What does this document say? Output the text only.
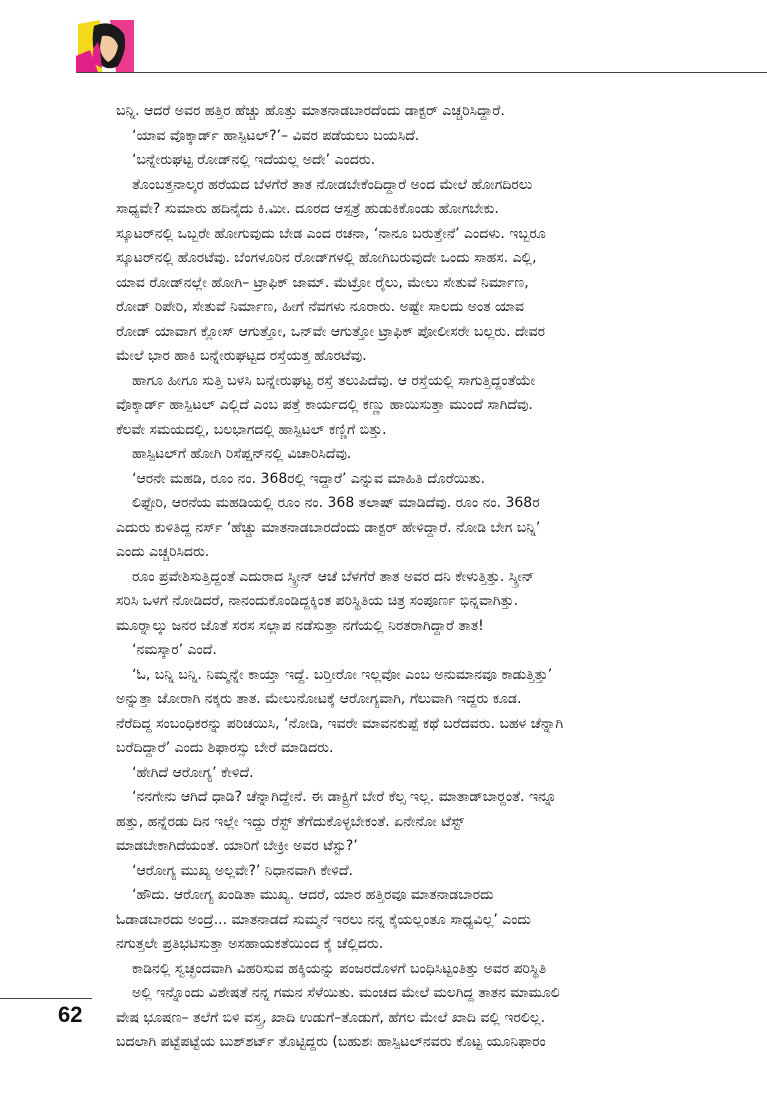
ಬನ್ನಿ. ಆದರೆ ಅವರ ಹತ್ತಿರ ಹೆಚ್ಚು ಹೊತ್ತು ಮಾತನಾಡಬಾರದೆಂದು ಡಾಕ್ಟರ್ ಎಚ್ಚರಿಸಿದ್ದಾರೆ.
‘ಯಾವ ವೊಕ್ಕಾರ್ಡ್ ಹಾಸ್ಪಿಟಲ್?’– ವಿವರ ಪಡೆಯಲು ಬಯಸಿದೆ.
‘ಬನ್ನೇರುಘಟ್ಟ ರೋಡ್‌ನಲ್ಲಿ ಇದೆಯಲ್ಲ ಅದೇ’ ಎಂದರು.
ತೊಂಬತ್ತನಾಲ್ಕರ ಹರೆಯದ ಬೆಳಗೆರೆ ತಾತ ನೋಡಬೇಕೆಂದಿದ್ದಾರೆ ಅಂದ ಮೇಲೆ ಹೋಗದಿರಲು
ಸಾಧ್ಯವೇ? ಸುಮಾರು ಹದಿನೈದು ಕಿ.ಮೀ. ದೂರದ ಆಸ್ಪತ್ರೆ ಹುಡುಕಿಕೊಂಡು ಹೋಗಬೇಕು.
ಸ್ಕೂಟರ್‌ನಲ್ಲಿ ಒಬ್ಬರೇ ಹೋಗುವುದು ಬೇಡ ಎಂದ ರಚನಾ, ‘ನಾನೂ ಬರುತ್ತೇನೆ’ ಎಂದಳು. ಇಬ್ಬರೂ
ಸ್ಕೂಟರ್‌ನಲ್ಲಿ ಹೊರಟೆವು. ಬೆಂಗಳೂರಿನ ರೋಡ್‌ಗಳಲ್ಲಿ ಹೋಗಿಬರುವುದೇ ಒಂದು ಸಾಹಸ. ಎಲ್ಲಿ,
ಯಾವ ರೋಡ್‌ನಲ್ಲೇ ಹೋಗಿ– ಟ್ರಾಫಿಕ್ ಜಾಮ್. ಮೆಟ್ರೋ ರೈಲು, ಮೇಲು ಸೇತುವೆ ನಿರ್ಮಾಣ,
ರೋಡ್ ರಿಪೇರಿ, ಸೇತುವೆ ನಿರ್ಮಾಣ, ಹೀಗೆ ನೆವಗಳು ನೂರಾರು. ಅಷ್ಟೇ ಸಾಲದು ಅಂತ ಯಾವ
ರೋಡ್ ಯಾವಾಗ ಕ್ಲೋಸ್ ಆಗುತ್ತೋ, ಒನ್‌ವೇ ಆಗುತ್ತೋ ಟ್ರಾಫಿಕ್ ಪೋಲೀಸರೇ ಬಲ್ಲರು. ದೇವರ
ಮೇಲೆ ಭಾರ ಹಾಕಿ ಬನ್ನೇರುಘಟ್ಟದ ರಸ್ತೆಯತ್ತ ಹೊರಟೆವು.
ಹಾಗೂ ಹೀಗೂ ಸುತ್ತಿ ಬಳಸಿ ಬನ್ನೇರುಘಟ್ಟ ರಸ್ತೆ ತಲುಪಿದೆವು. ಆ ರಸ್ತೆಯಲ್ಲಿ ಸಾಗುತ್ತಿದ್ದಂತೆಯೇ
ವೊಕ್ಕಾರ್ಡ್ ಹಾಸ್ಪಿಟಲ್ ಎಲ್ಲಿದೆ ಎಂಬ ಪತ್ತೆ ಕಾರ್ಯದಲ್ಲಿ ಕಣ್ಣು ಹಾಯಿಸುತ್ತಾ ಮುಂದೆ ಸಾಗಿದೆವು.
ಕೆಲವೇ ಸಮಯದಲ್ಲಿ, ಬಲಭಾಗದಲ್ಲಿ ಹಾಸ್ಪಿಟಲ್ ಕಣ್ಣಿಗೆ ಬಿತ್ತು.
ಹಾಸ್ಪಿಟಲ್‌ಗೆ ಹೋಗಿ ರಿಸೆಪ್ಷನ್‌ನಲ್ಲಿ ವಿಚಾರಿಸಿದೆವು.
‘ಆರನೇ ಮಹಡಿ, ರೂಂ ನಂ. 368ರಲ್ಲಿ ಇದ್ದಾರೆ’ ಎನ್ನುವ ಮಾಹಿತಿ ದೊರೆಯಿತು.
ಲಿಫ್ಟೇರಿ, ಆರನೆಯ ಮಹಡಿಯಲ್ಲಿ ರೂಂ ನಂ. 368 ತಲಾಷ್ ಮಾಡಿದೆವು. ರೂಂ ನಂ. 368ರ
ಎದುರು ಕುಳಿತಿದ್ದ ನರ್ಸ್ ‘ಹೆಚ್ಚು ಮಾತನಾಡಬಾರದೆಂದು ಡಾಕ್ಟರ್ ಹೇಳಿದ್ದಾರೆ. ನೋಡಿ ಬೇಗ ಬನ್ನಿ’
ಎಂದು ಎಚ್ಚರಿಸಿದರು.
ರೂಂ ಪ್ರವೇಶಿಸುತ್ತಿದ್ದಂತೆ ಎದುರಾದ ಸ್ಕ್ರೀನ್ ಆಚೆ ಬೆಳಗೆರೆ ತಾತ ಅವರ ದನಿ ಕೇಳುತ್ತಿತ್ತು. ಸ್ಕ್ರೀನ್
ಸರಿಸಿ ಒಳಗೆ ನೋಡಿದರೆ, ನಾನಂದುಕೊಂಡಿದ್ದಕ್ಕಿಂತ ಪರಿಸ್ಥಿತಿಯ ಚಿತ್ರ ಸಂಪೂರ್ಣ ಭಿನ್ನವಾಗಿತ್ತು.
ಮೂರ‍್ನಾಲ್ಕು ಜನರ ಜೊತೆ ಸರಸ ಸಲ್ಲಾಪ ನಡೆಸುತ್ತಾ ನಗೆಯಲ್ಲಿ ನಿರತರಾಗಿದ್ದಾರೆ ತಾತ!
‘ನಮಸ್ಕಾರ’ ಎಂದೆ.
‘ಓ, ಬನ್ನಿ ಬನ್ನಿ. ನಿಮ್ಮನ್ನೇ ಕಾಯ್ತಾ ಇದ್ದೆ. ಬರ‍್ತೀರೋ ಇಲ್ಲವೋ ಎಂಬ ಅನುಮಾನವೂ ಕಾಡುತ್ತಿತ್ತು’
ಅನ್ನುತ್ತಾ ಜೋರಾಗಿ ನಕ್ಕರು ತಾತ. ಮೇಲುನೋಟಕ್ಕೆ ಆರೋಗ್ಯವಾಗಿ, ಗೆಲುವಾಗಿ ಇದ್ದರು ಕೂಡ.
ನೆರೆದಿದ್ದ ಸಂಬಂಧಿಕರನ್ನು ಪರಿಚಯಿಸಿ, ‘ನೋಡಿ, ಇವರೇ ಮಾವನಕುಪ್ಪೆ ಕಥೆ ಬರೆದವರು. ಬಹಳ ಚೆನ್ನಾಗಿ
ಬರೆದಿದ್ದಾರೆ’ ಎಂದು ಶಿಫಾರಸ್ಸು ಬೇರೆ ಮಾಡಿದರು.
‘ಹೇಗಿದೆ ಆರೋಗ್ಯ’ ಕೇಳಿದೆ.
‘ನನಗೇನು ಆಗಿದೆ ಧಾಡಿ? ಚೆನ್ನಾಗಿದ್ದೇನೆ. ಈ ಡಾಕ್ಟ್ರಿಗೆ ಬೇರೆ ಕೆಲ್ಸ ಇಲ್ಲ. ಮಾತಾಡ್‌ಬಾರ‍್ದಂತೆ. ಇನ್ನೂ
ಹತ್ತು, ಹನ್ನೆರಡು ದಿನ ಇಲ್ಲೇ ಇದ್ದು ರೆಸ್ಟ್ ತೆಗೆದುಕೊಳ್ಳಬೇಕಂತೆ. ಏನೇನೋ ಟೆಸ್ಟ್
ಮಾಡಬೇಕಾಗಿದೆಯಂತೆ. ಯಾರಿಗೆ ಬೇಕ್ರೀ ಅವರ ಟೆಸ್ಟು?’
‘ಆರೋಗ್ಯ ಮುಖ್ಯ ಅಲ್ಲವೇ?’ ನಿಧಾನವಾಗಿ ಕೇಳಿದೆ.
‘ಹೌದು. ಆರೋಗ್ಯ ಖಂಡಿತಾ ಮುಖ್ಯ. ಆದರೆ, ಯಾರ ಹತ್ತಿರವೂ ಮಾತನಾಡಬಾರದು
ಓಡಾಡಬಾರದು ಅಂದ್ರೆ... ಮಾತನಾಡದೆ ಸುಮ್ಮನೆ ಇರಲು ನನ್ನ ಕೈಯಲ್ಲಂತೂ ಸಾಧ್ಯವಿಲ್ಲ’ ಎಂದು
ನಗುತ್ತಲೇ ಪ್ರತಿಭಟಿಸುತ್ತಾ ಅಸಹಾಯಕತೆಯಿಂದ ಕೈ ಚೆಲ್ಲಿದರು.
ಕಾಡಿನಲ್ಲಿ ಸ್ವಚ್ಛಂದವಾಗಿ ವಿಹರಿಸುವ ಹಕ್ಕಿಯನ್ನು ಪಂಜರದೊಳಗೆ ಬಂಧಿಸಿಟ್ಟಂತಿತ್ತು ಅವರ ಪರಿಸ್ಥಿತಿ
ಅಲ್ಲಿ ಇನ್ನೊಂದು ವಿಶೇಷತೆ ನನ್ನ ಗಮನ ಸೆಳೆಯಿತು. ಮಂಚದ ಮೇಲೆ ಮಲಗಿದ್ದ ತಾತನ ಮಾಮೂಲಿ
ವೇಷ ಭೂಷಣ– ತಲೆಗೆ ಬಿಳಿ ವಸ್ತ್ರ, ಖಾದಿ ಉಡುಗೆ–ತೊಡುಗೆ, ಹೆಗಲ ಮೇಲೆ ಖಾದಿ ವಲ್ಲಿ ಇರಲಿಲ್ಲ.
ಬದಲಾಗಿ ಪಟ್ಟೆಪಟ್ಟೆಯ ಬುಶ್‌ಶರ್ಟ್ ತೊಟ್ಟಿದ್ದರು (ಬಹುಶಃ ಹಾಸ್ಪಿಟಲ್‌ನವರು ಕೊಟ್ಟ ಯೂನಿಫಾರಂ
62
